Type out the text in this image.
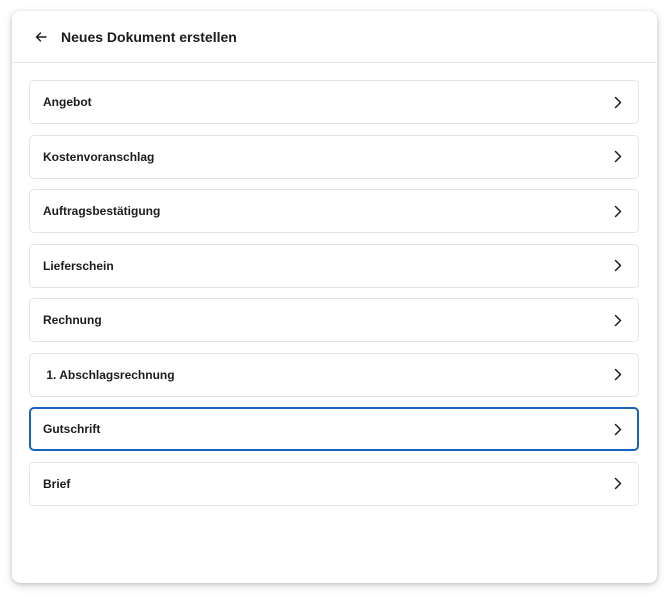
Neues Dokument erstellen
Angebot
Kostenvoranschlag
Auftragsbestätigung
Lieferschein
Rechnung
1. Abschlagsrechnung
Gutschrift
Brief
